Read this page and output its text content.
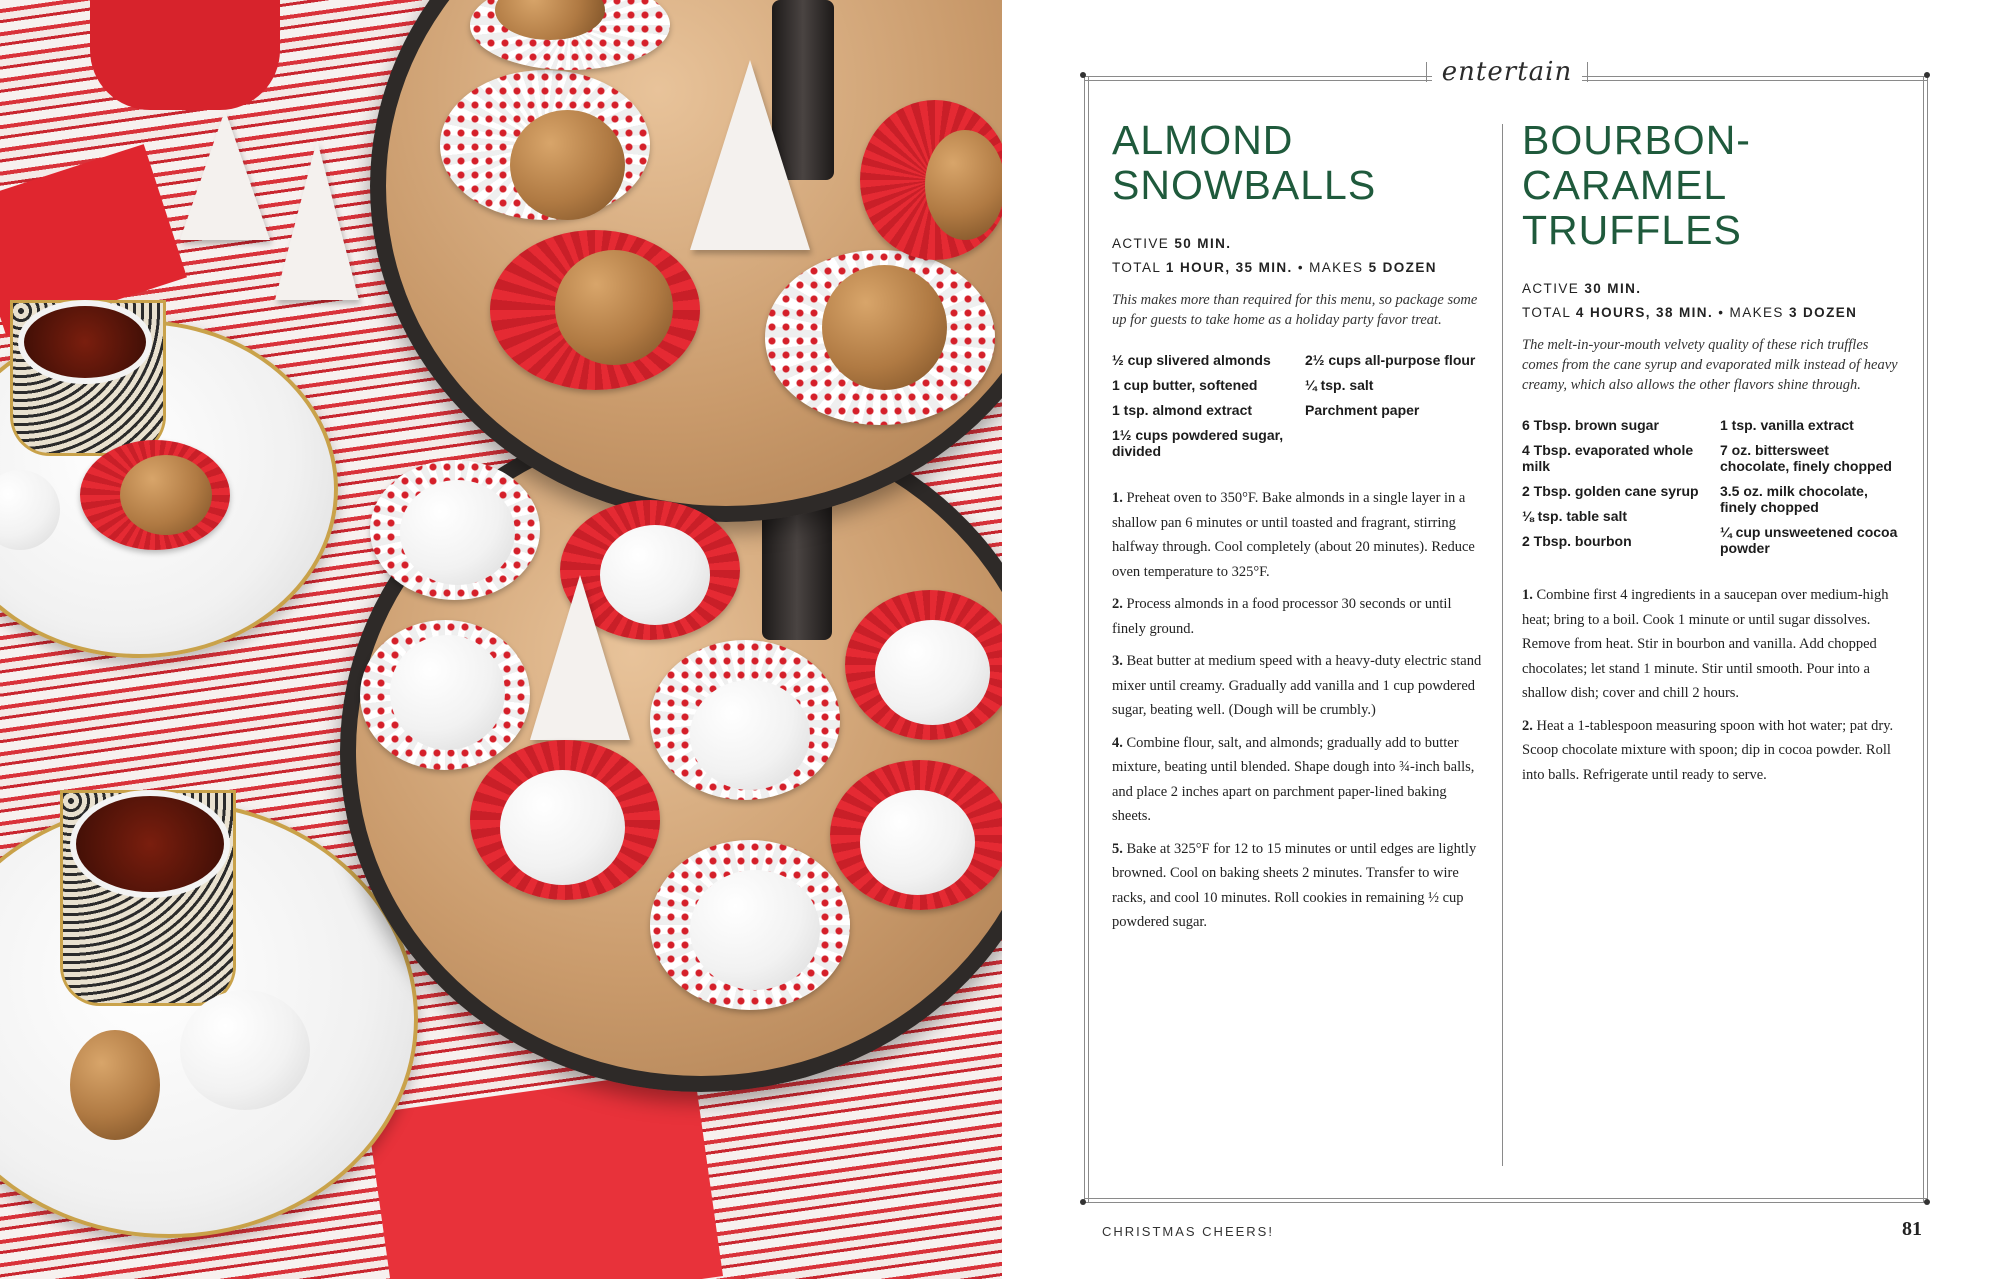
entertain
ALMOND
SNOWBALLS
ACTIVE 50 MIN.
TOTAL 1 HOUR, 35 MIN. • MAKES 5 DOZEN

This makes more than required for this menu, so package some up for guests to take home as a holiday party favor treat.

½ cup slivered almonds
1 cup butter, softened
1 tsp. almond extract
1½ cups powdered sugar, divided
2½ cups all-purpose flour
¼ tsp. salt
Parchment paper

1. Preheat oven to 350°F. Bake almonds in a single layer in a shallow pan 6 minutes or until toasted and fragrant, stirring halfway through. Cool completely (about 20 minutes). Reduce oven temperature to 325°F.

2. Process almonds in a food processor 30 seconds or until finely ground.

3. Beat butter at medium speed with a heavy-duty electric stand mixer until creamy. Gradually add vanilla and 1 cup powdered sugar, beating well. (Dough will be crumbly.)

4. Combine flour, salt, and almonds; gradually add to butter mixture, beating until blended. Shape dough into ¾-inch balls, and place 2 inches apart on parchment paper-lined baking sheets.

5. Bake at 325°F for 12 to 15 minutes or until edges are lightly browned. Cool on baking sheets 2 minutes. Transfer to wire racks, and cool 10 minutes. Roll cookies in remaining ½ cup powdered sugar.

BOURBON-CARAMEL
TRUFFLES
ACTIVE 30 MIN.
TOTAL 4 HOURS, 38 MIN. • MAKES 3 DOZEN

The melt-in-your-mouth velvety quality of these rich truffles comes from the cane syrup and evaporated milk instead of heavy creamy, which also allows the other flavors shine through.

6 Tbsp. brown sugar
4 Tbsp. evaporated whole milk
2 Tbsp. golden cane syrup
⅛ tsp. table salt
2 Tbsp. bourbon
1 tsp. vanilla extract
7 oz. bittersweet chocolate, finely chopped
3.5 oz. milk chocolate, finely chopped
¼ cup unsweetened cocoa powder

1. Combine first 4 ingredients in a saucepan over medium-high heat; bring to a boil. Cook 1 minute or until sugar dissolves. Remove from heat. Stir in bourbon and vanilla. Add chopped chocolates; let stand 1 minute. Stir until smooth. Pour into a shallow dish; cover and chill 2 hours.

2. Heat a 1-tablespoon measuring spoon with hot water; pat dry. Scoop chocolate mixture with spoon; dip in cocoa powder. Roll into balls. Refrigerate until ready to serve.

CHRISTMAS CHEERS!	81
